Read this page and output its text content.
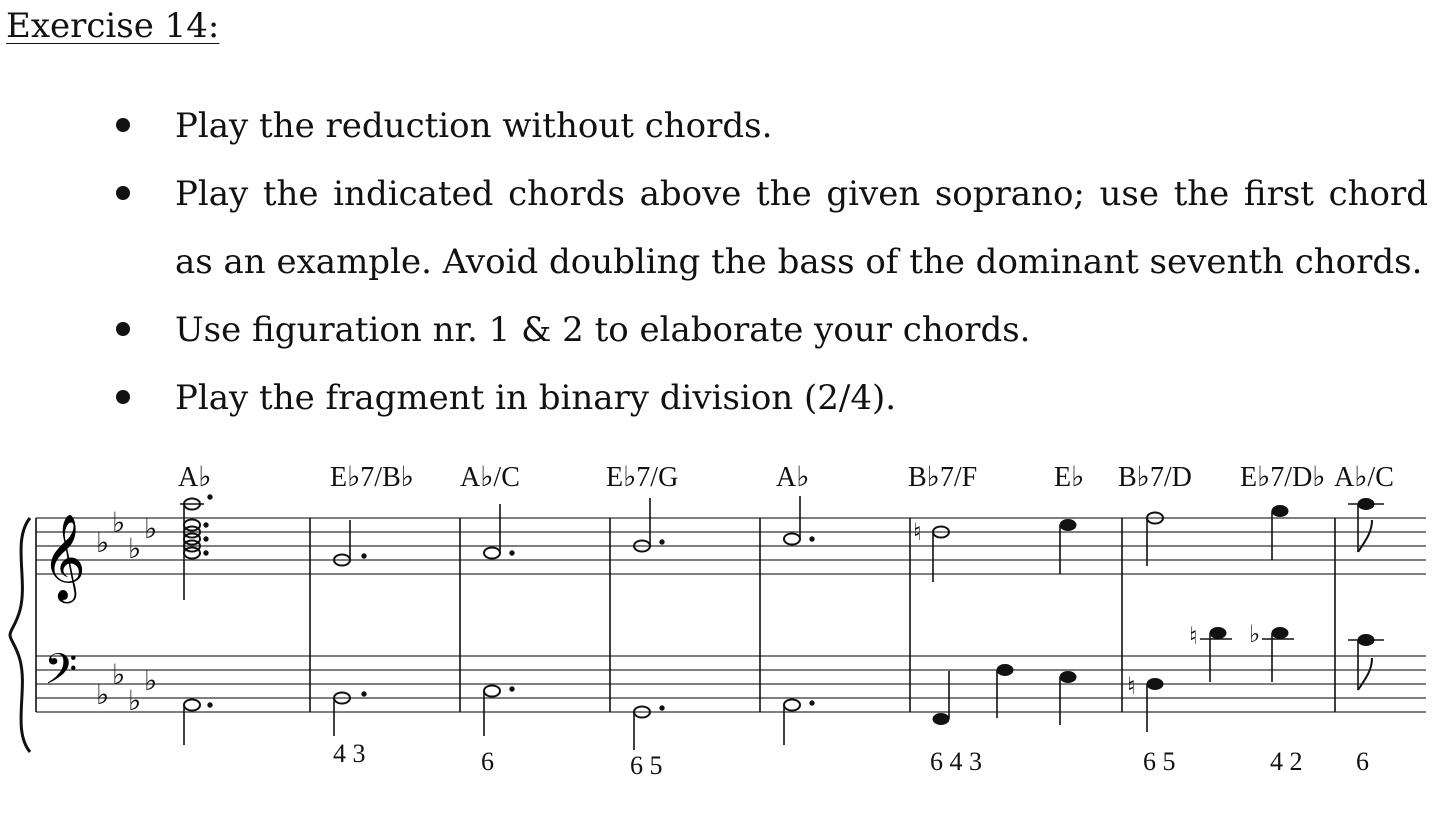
Exercise 14:
Play the reduction without chords.
Play the indicated chords above the given soprano; use the first chord as an example. Avoid doubling the bass of the dominant seventh chords.
Use figuration nr. 1 & 2 to elaborate your chords.
Play the fragment in binary division (2/4).
𝄞
𝄢
♭
♭
♭
♭
♭
♭
♭
♭
♮
♮ ♭
♮
A♭	E♭7/B♭ A♭/C	E♭7/G	A♭	B♭7/F	E♭ B♭7/D E♭7/D♭ A♭/C
4 3	6	6 5	6 4 3	6 5	4 2 6
